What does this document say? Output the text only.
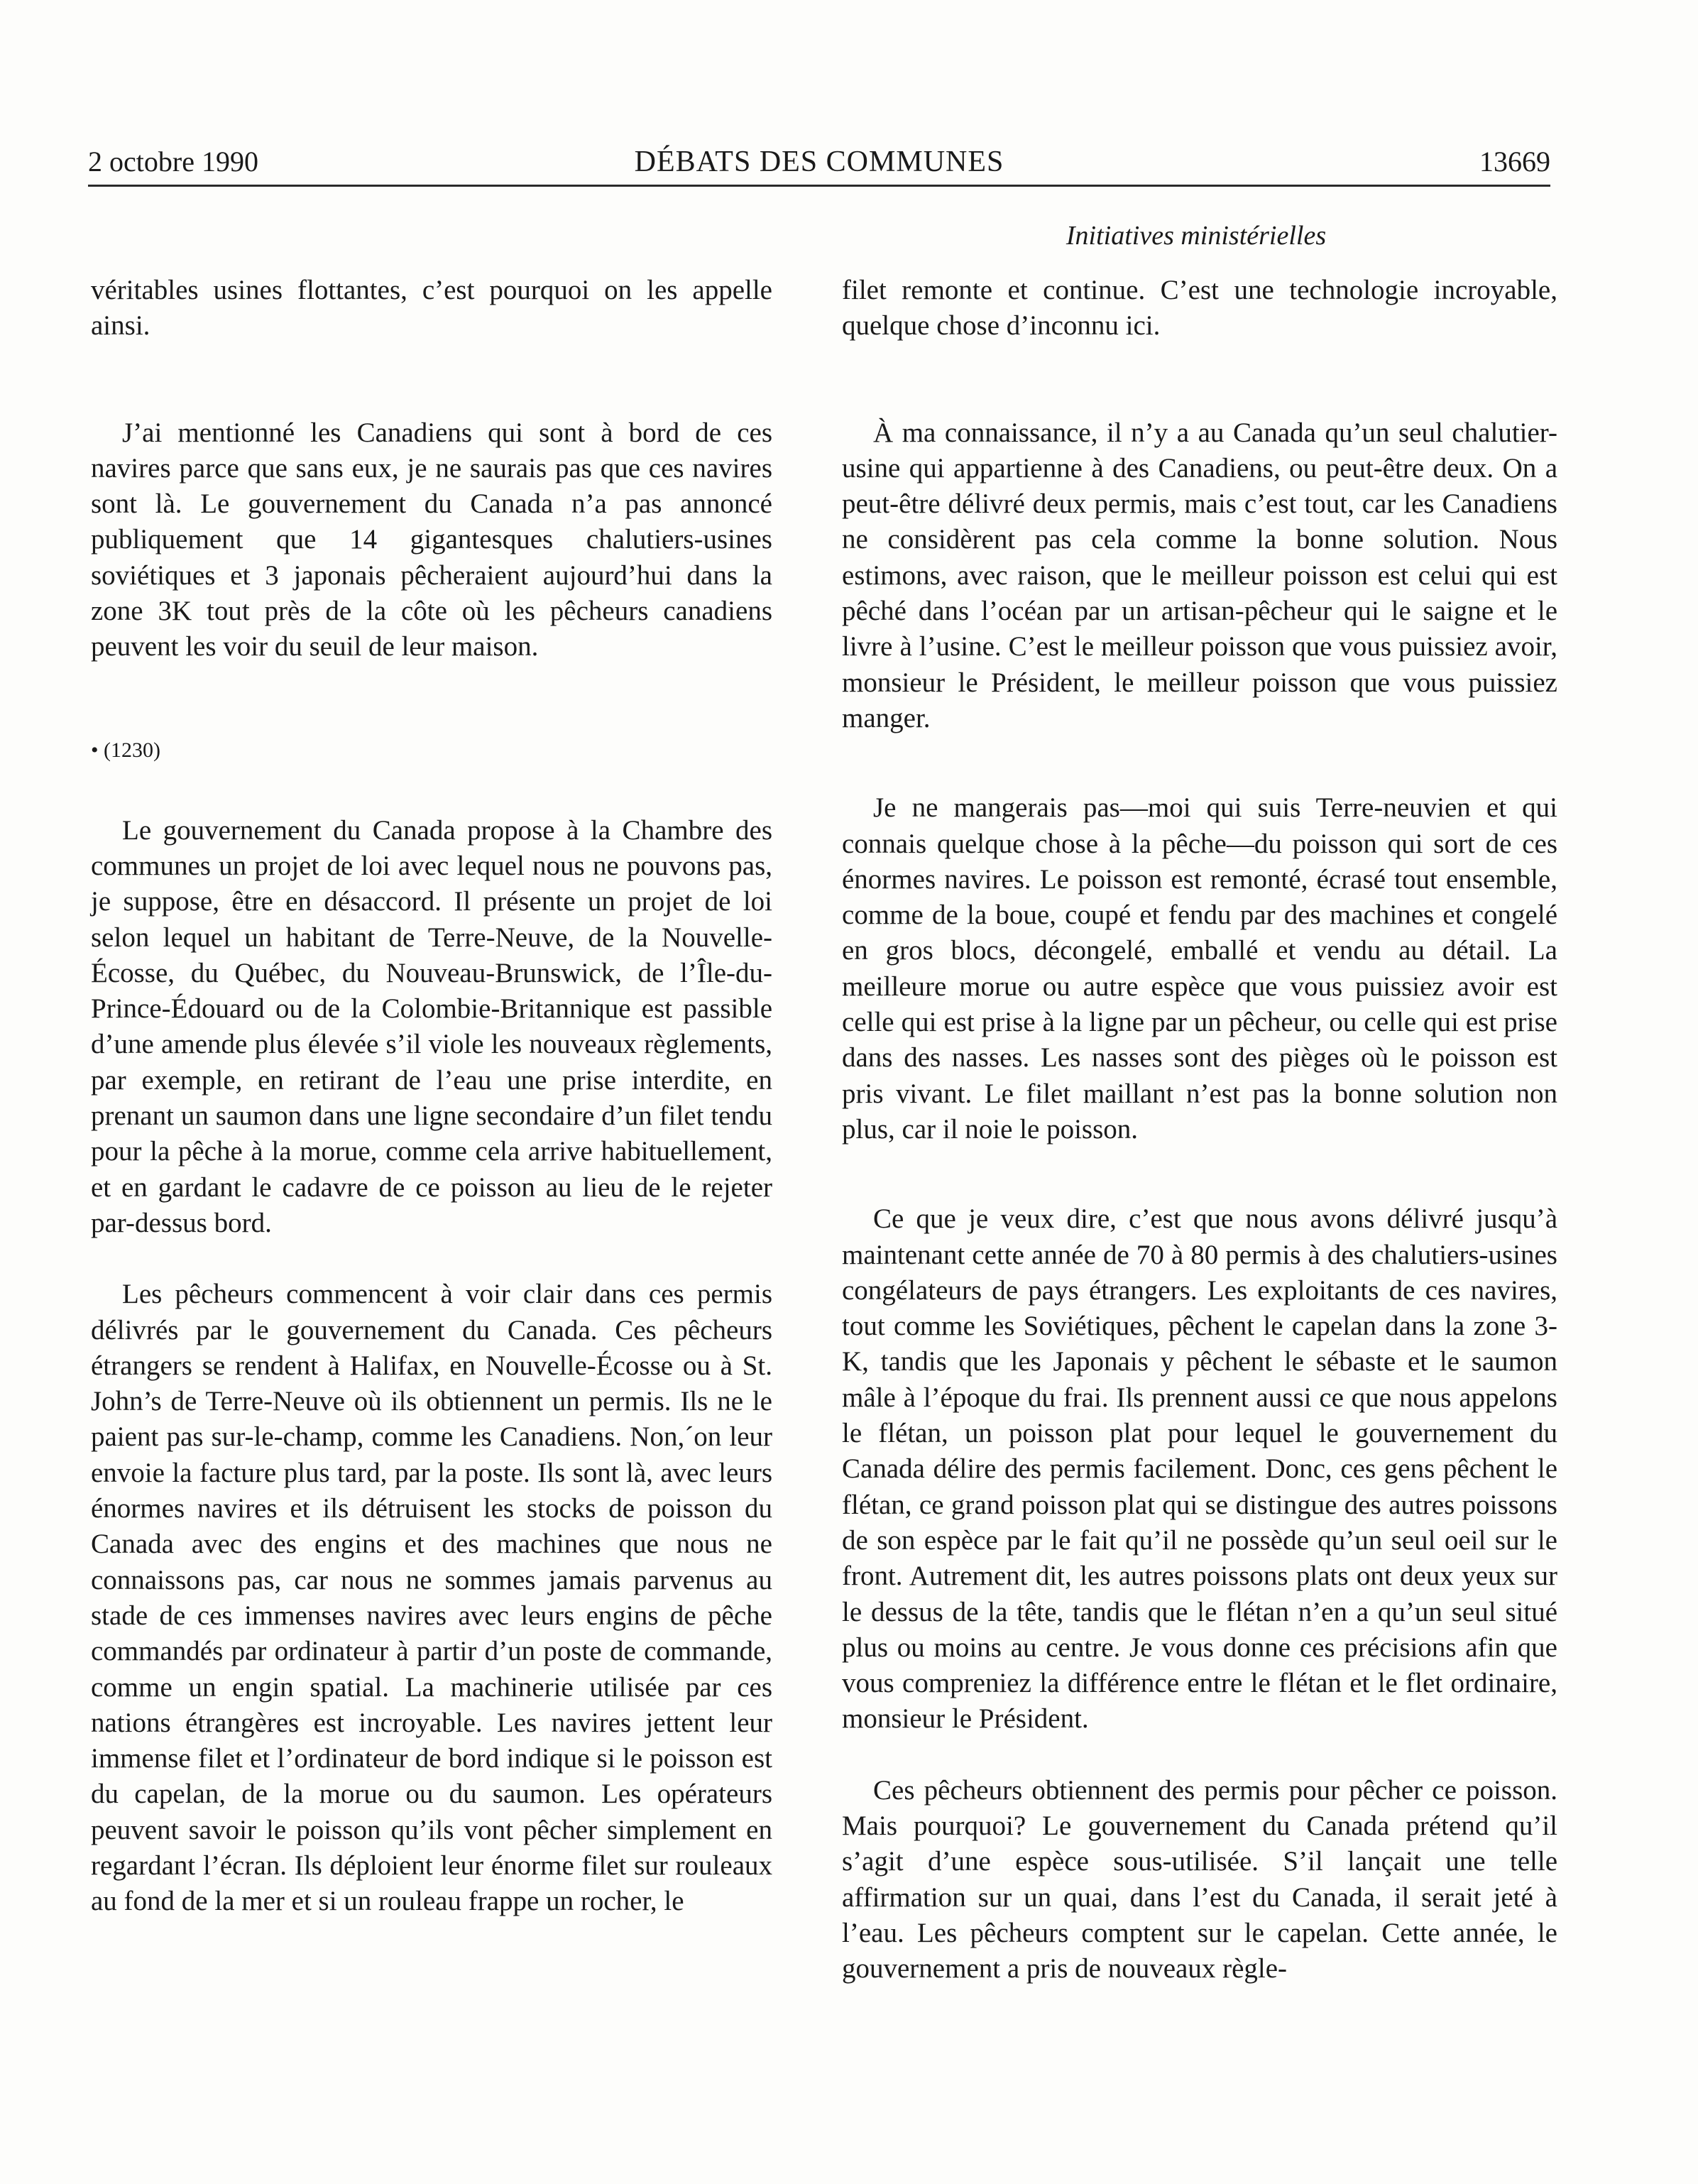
2 octobre 1990	DÉBATS DES COMMUNES	13669
Initiatives ministérielles

véritables usines flottantes, c’est pourquoi on les appelle ainsi.

J’ai mentionné les Canadiens qui sont à bord de ces navires parce que sans eux, je ne saurais pas que ces navires sont là. Le gouvernement du Canada n’a pas annoncé publiquement que 14 gigantesques chalutiers-usines soviétiques et 3 japonais pêcheraient aujourd’hui dans la zone 3K tout près de la côte où les pêcheurs canadiens peuvent les voir du seuil de leur maison.

• (1230)

Le gouvernement du Canada propose à la Chambre des communes un projet de loi avec lequel nous ne pouvons pas, je suppose, être en désaccord. Il présente un projet de loi selon lequel un habitant de Terre-Neuve, de la Nouvelle-Écosse, du Québec, du Nouveau-Brunswick, de l’Île-du-Prince-Édouard ou de la Colombie-Britannique est passible d’une amende plus élevée s’il viole les nouveaux règlements, par exemple, en retirant de l’eau une prise interdite, en prenant un saumon dans une ligne secondaire d’un filet tendu pour la pêche à la morue, comme cela arrive habituellement, et en gardant le cadavre de ce poisson au lieu de le rejeter par-dessus bord.

Les pêcheurs commencent à voir clair dans ces permis délivrés par le gouvernement du Canada. Ces pêcheurs étrangers se rendent à Halifax, en Nouvelle-Écosse ou à St. John’s de Terre-Neuve où ils obtiennent un permis. Ils ne le paient pas sur-le-champ, comme les Canadiens. Non,´on leur envoie la facture plus tard, par la poste. Ils sont là, avec leurs énormes navires et ils détruisent les stocks de poisson du Canada avec des engins et des machines que nous ne connaissons pas, car nous ne sommes jamais parvenus au stade de ces immenses navires avec leurs engins de pêche commandés par ordinateur à partir d’un poste de commande, comme un engin spatial. La machinerie utilisée par ces nations étrangères est incroyable. Les navires jettent leur immense filet et l’ordinateur de bord indique si le poisson est du capelan, de la morue ou du saumon. Les opérateurs peuvent savoir le poisson qu’ils vont pêcher simplement en regardant l’écran. Ils déploient leur énorme filet sur rouleaux au fond de la mer et si un rouleau frappe un rocher, le

filet remonte et continue. C’est une technologie incroyable, quelque chose d’inconnu ici.

À ma connaissance, il n’y a au Canada qu’un seul chalutier-usine qui appartienne à des Canadiens, ou peut-être deux. On a peut-être délivré deux permis, mais c’est tout, car les Canadiens ne considèrent pas cela comme la bonne solution. Nous estimons, avec raison, que le meilleur poisson est celui qui est pêché dans l’océan par un artisan-pêcheur qui le saigne et le livre à l’usine. C’est le meilleur poisson que vous puissiez avoir, monsieur le Président, le meilleur poisson que vous puissiez manger.

Je ne mangerais pas—moi qui suis Terre-neuvien et qui connais quelque chose à la pêche—du poisson qui sort de ces énormes navires. Le poisson est remonté, écrasé tout ensemble, comme de la boue, coupé et fendu par des machines et congelé en gros blocs, décongelé, emballé et vendu au détail. La meilleure morue ou autre espèce que vous puissiez avoir est celle qui est prise à la ligne par un pêcheur, ou celle qui est prise dans des nasses. Les nasses sont des pièges où le poisson est pris vivant. Le filet maillant n’est pas la bonne solution non plus, car il noie le poisson.

Ce que je veux dire, c’est que nous avons délivré jusqu’à maintenant cette année de 70 à 80 permis à des chalutiers-usines congélateurs de pays étrangers. Les exploitants de ces navires, tout comme les Soviétiques, pêchent le capelan dans la zone 3-K, tandis que les Japonais y pêchent le sébaste et le saumon mâle à l’époque du frai. Ils prennent aussi ce que nous appelons le flétan, un poisson plat pour lequel le gouvernement du Canada délire des permis facilement. Donc, ces gens pêchent le flétan, ce grand poisson plat qui se distingue des autres poissons de son espèce par le fait qu’il ne possède qu’un seul oeil sur le front. Autrement dit, les autres poissons plats ont deux yeux sur le dessus de la tête, tandis que le flétan n’en a qu’un seul situé plus ou moins au centre. Je vous donne ces précisions afin que vous compreniez la différence entre le flétan et le flet ordinaire, monsieur le Président.

Ces pêcheurs obtiennent des permis pour pêcher ce poisson. Mais pourquoi? Le gouvernement du Canada prétend qu’il s’agit d’une espèce sous-utilisée. S’il lançait une telle affirmation sur un quai, dans l’est du Canada, il serait jeté à l’eau. Les pêcheurs comptent sur le capelan. Cette année, le gouvernement a pris de nouveaux règle-
